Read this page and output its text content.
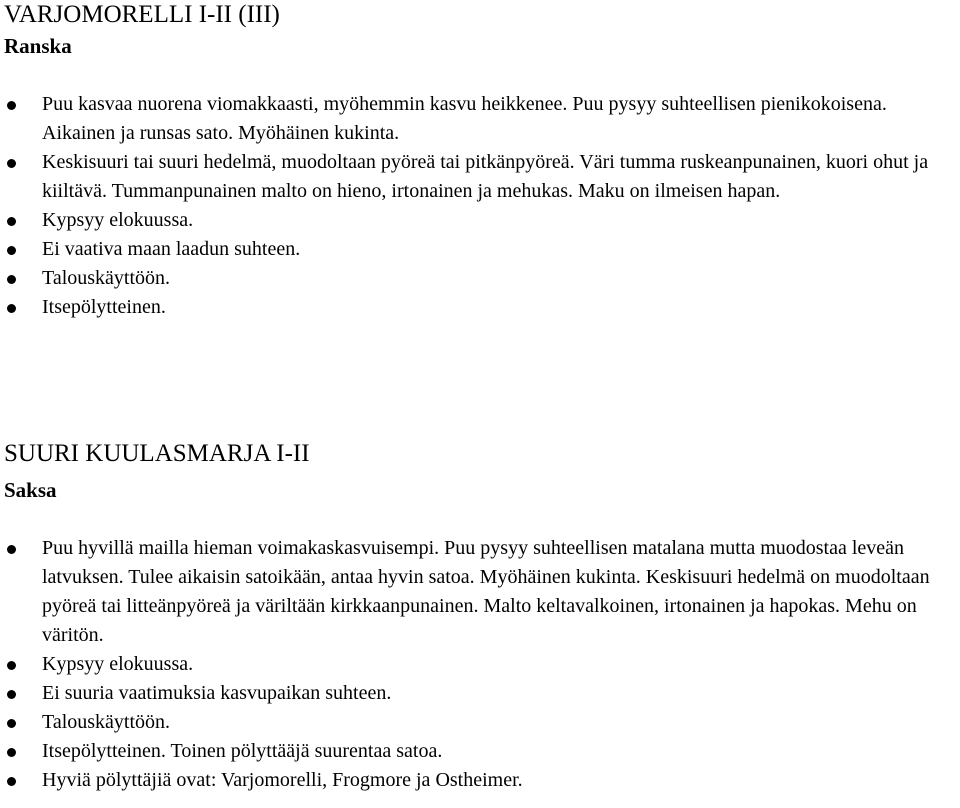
VARJOMORELLI I-II (III)
Ranska
Puu kasvaa nuorena viomakkaasti, myöhemmin kasvu heikkenee. Puu pysyy suhteellisen pienikokoisena. Aikainen ja runsas sato. Myöhäinen kukinta.
Keskisuuri tai suuri hedelmä, muodoltaan pyöreä tai pitkänpyöreä. Väri tumma ruskeanpunainen, kuori ohut ja kiiltävä. Tummanpunainen malto on hieno, irtonainen ja mehukas. Maku on ilmeisen hapan.
Kypsyy elokuussa.
Ei vaativa maan laadun suhteen.
Talouskäyttöön.
Itsepölytteinen.
SUURI KUULASMARJA I-II
Saksa
Puu hyvillä mailla hieman voimakaskasvuisempi. Puu pysyy suhteellisen matalana mutta muodostaa leveän latvuksen. Tulee aikaisin satoikään, antaa hyvin satoa. Myöhäinen kukinta. Keskisuuri hedelmä on muodoltaan pyöreä tai litteänpyöreä ja väriltään kirkkaanpunainen. Malto keltavalkoinen, irtonainen ja hapokas. Mehu on väritön.
Kypsyy elokuussa.
Ei suuria vaatimuksia kasvupaikan suhteen.
Talouskäyttöön.
Itsepölytteinen. Toinen pölyttääjä suurentaa satoa.
Hyviä pölyttäjiä ovat: Varjomorelli, Frogmore ja Ostheimer.
